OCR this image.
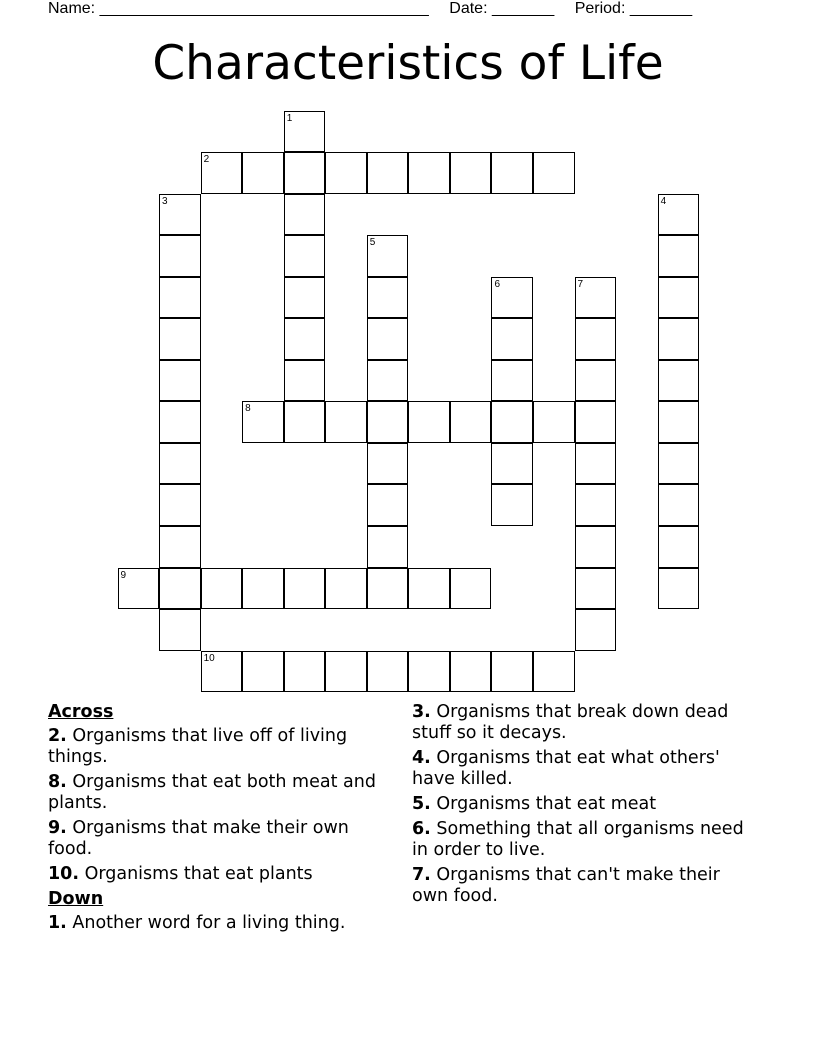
Name: _____________________________________ Date: _______ Period: _______
Characteristics of Life
1
2
3	4
5
6	7
8
9
10
Across
2. Organisms that live off of living things.
8. Organisms that eat both meat and plants.
9. Organisms that make their own food.
10. Organisms that eat plants
Down
1. Another word for a living thing.
3. Organisms that break down dead stuff so it decays.
4. Organisms that eat what others' have killed.
5. Organisms that eat meat
6. Something that all organisms need in order to live.
7. Organisms that can't make their own food.
